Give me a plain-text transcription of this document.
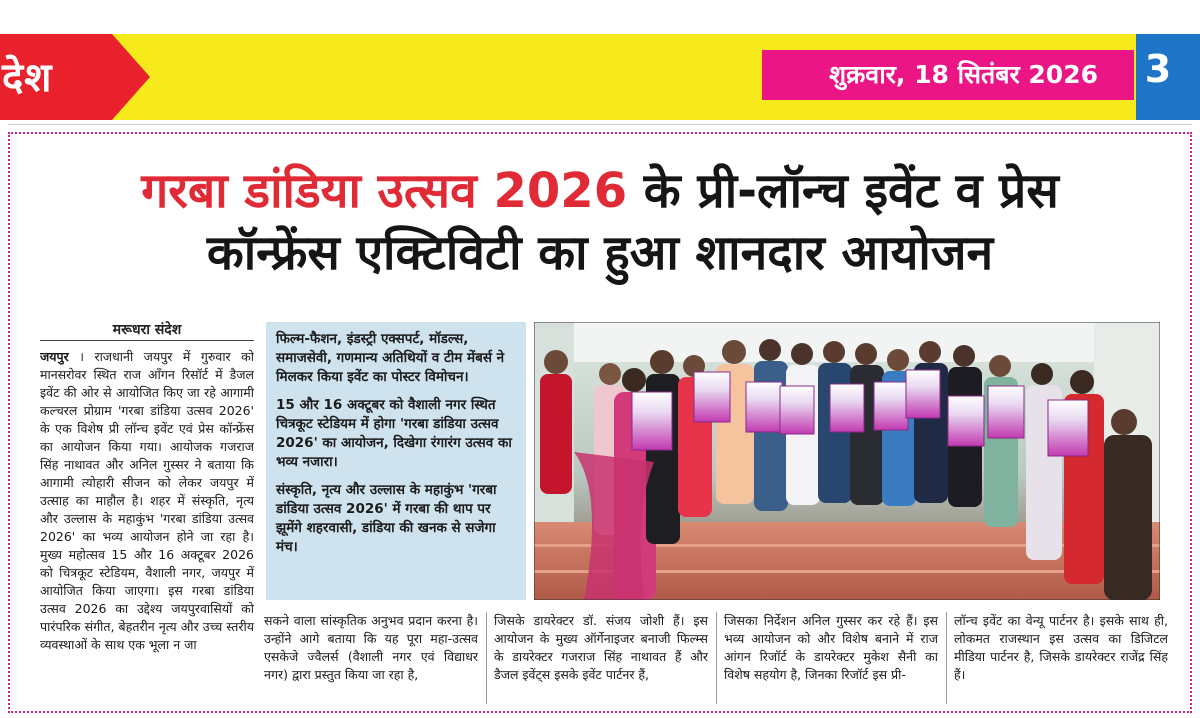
देश	शुक्रवार, 18 सितंबर 2026	3
गरबा डांडिया उत्सव 2026 के प्री-लॉन्च इवेंट व प्रेस
कॉन्फ्रेंस एक्टिविटी का हुआ शानदार आयोजन
मरूधरा संदेश
जयपुर । राजधानी जयपुर में गुरुवार को मानसरोवर स्थित राज आँगन रिसॉर्ट में डैजल इवेंट की ओर से आयोजित किए जा रहे आगामी कल्चरल प्रोग्राम 'गरबा डांडिया उत्सव 2026' के एक विशेष प्री लॉन्च इवेंट एवं प्रेस कॉन्फ्रेंस का आयोजन किया गया। आयोजक गजराज सिंह नाथावत और अनिल गुस्सर ने बताया कि आगामी त्योहारी सीजन को लेकर जयपुर में उत्साह का माहौल है। शहर में संस्कृति, नृत्य और उल्लास के महाकुंभ 'गरबा डांडिया उत्सव 2026' का भव्य आयोजन होने जा रहा है। मुख्य महोत्सव 15 और 16 अक्टूबर 2026 को चित्रकूट स्टेडियम, वैशाली नगर, जयपुर में आयोजित किया जाएगा। इस गरबा डांडिया उत्सव 2026 का उद्देश्य जयपुरवासियों को पारंपरिक संगीत, बेहतरीन नृत्य और उच्च स्तरीय व्यवस्थाओं के साथ एक भूला न जा

फिल्म-फैशन, इंडस्ट्री एक्सपर्ट, मॉडल्स, समाजसेवी, गणमान्य अतिथियों व टीम मेंबर्स ने मिलकर किया इवेंट का पोस्टर विमोचन।

15 और 16 अक्टूबर को वैशाली नगर स्थित चित्रकूट स्टेडियम में होगा 'गरबा डांडिया उत्सव 2026' का आयोजन, दिखेगा रंगारंग उत्सव का भव्य नजारा।

संस्कृति, नृत्य और उल्लास के महाकुंभ 'गरबा डांडिया उत्सव 2026' में गरबा की थाप पर झूमेंगे शहरवासी, डांडिया की खनक से सजेगा मंच।

सकने वाला सांस्कृतिक अनुभव प्रदान करना है। उन्होंने आगे बताया कि यह पूरा महा-उत्सव एसकेजे ज्वैलर्स (वैशाली नगर एवं विद्याधर नगर) द्वारा प्रस्तुत किया जा रहा है,
जिसके डायरेक्टर डॉ. संजय जोशी हैं। इस आयोजन के मुख्य ऑर्गेनाइजर बनाजी फिल्म्स के डायरेक्टर गजराज सिंह नाथावत हैं और डैजल इवेंट्स इसके इवेंट पार्टनर हैं,
जिसका निर्देशन अनिल गुस्सर कर रहे हैं। इस भव्य आयोजन को और विशेष बनाने में राज आंगन रिजॉर्ट के डायरेक्टर मुकेश सैनी का विशेष सहयोग है, जिनका रिजॉर्ट इस प्री-
लॉन्च इवेंट का वेन्यू पार्टनर है। इसके साथ ही, लोकमत राजस्थान इस उत्सव का डिजिटल मीडिया पार्टनर है, जिसके डायरेक्टर राजेंद्र सिंह हैं।
